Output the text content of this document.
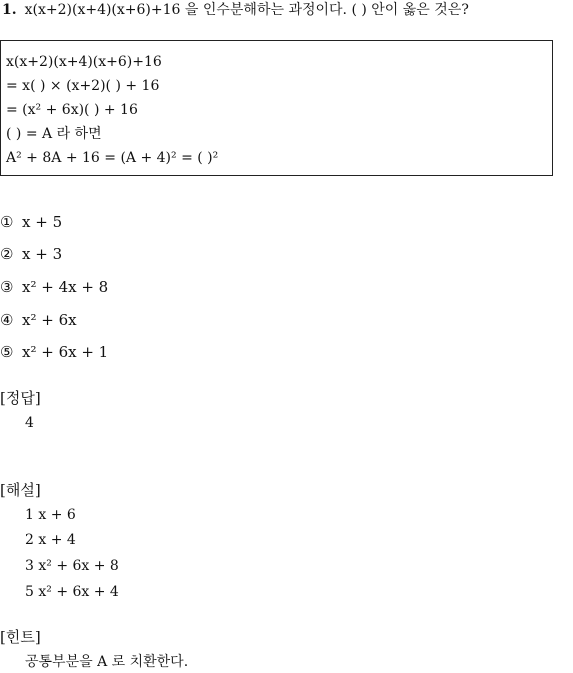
1. x(x+2)(x+4)(x+6)+16 을 인수분해하는 과정이다. ( ) 안이 옳은 것은?
x(x+2)(x+4)(x+6)+16
= x( ) × (x+2)( ) + 16
= (x² + 6x)( ) + 16
( ) = A 라 하면
A² + 8A + 16 = (A + 4)² = ( )²
① x + 5
② x + 3
③ x² + 4x + 8
④ x² + 6x
⑤ x² + 6x + 1
[정답]
4
[해설]
1 x + 6
2 x + 4
3 x² + 6x + 8
5 x² + 6x + 4
[힌트]
공통부분을 A 로 치환한다.
